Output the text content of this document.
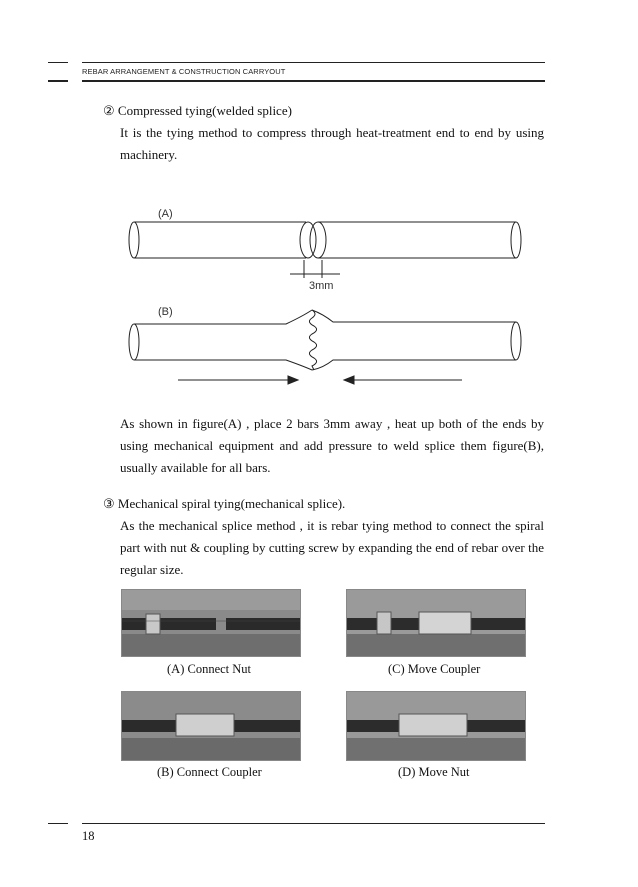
REBAR ARRANGEMENT & CONSTRUCTION CARRYOUT
② Compressed tying(welded splice)
It is the tying method to compress through heat-treatment end to end by using machinery.
(A)
3mm
(B)
As shown in figure(A) , place 2 bars 3mm away , heat up both of the ends by using mechanical equipment and add pressure to weld splice them figure(B), usually available for all bars.
③ Mechanical spiral tying(mechanical splice).
As the mechanical splice method , it is rebar tying method to connect the spiral part with nut & coupling by cutting screw by expanding the end of rebar over the regular size.
(A) Connect Nut	(C) Move Coupler
(B) Connect Coupler	(D) Move Nut
18
